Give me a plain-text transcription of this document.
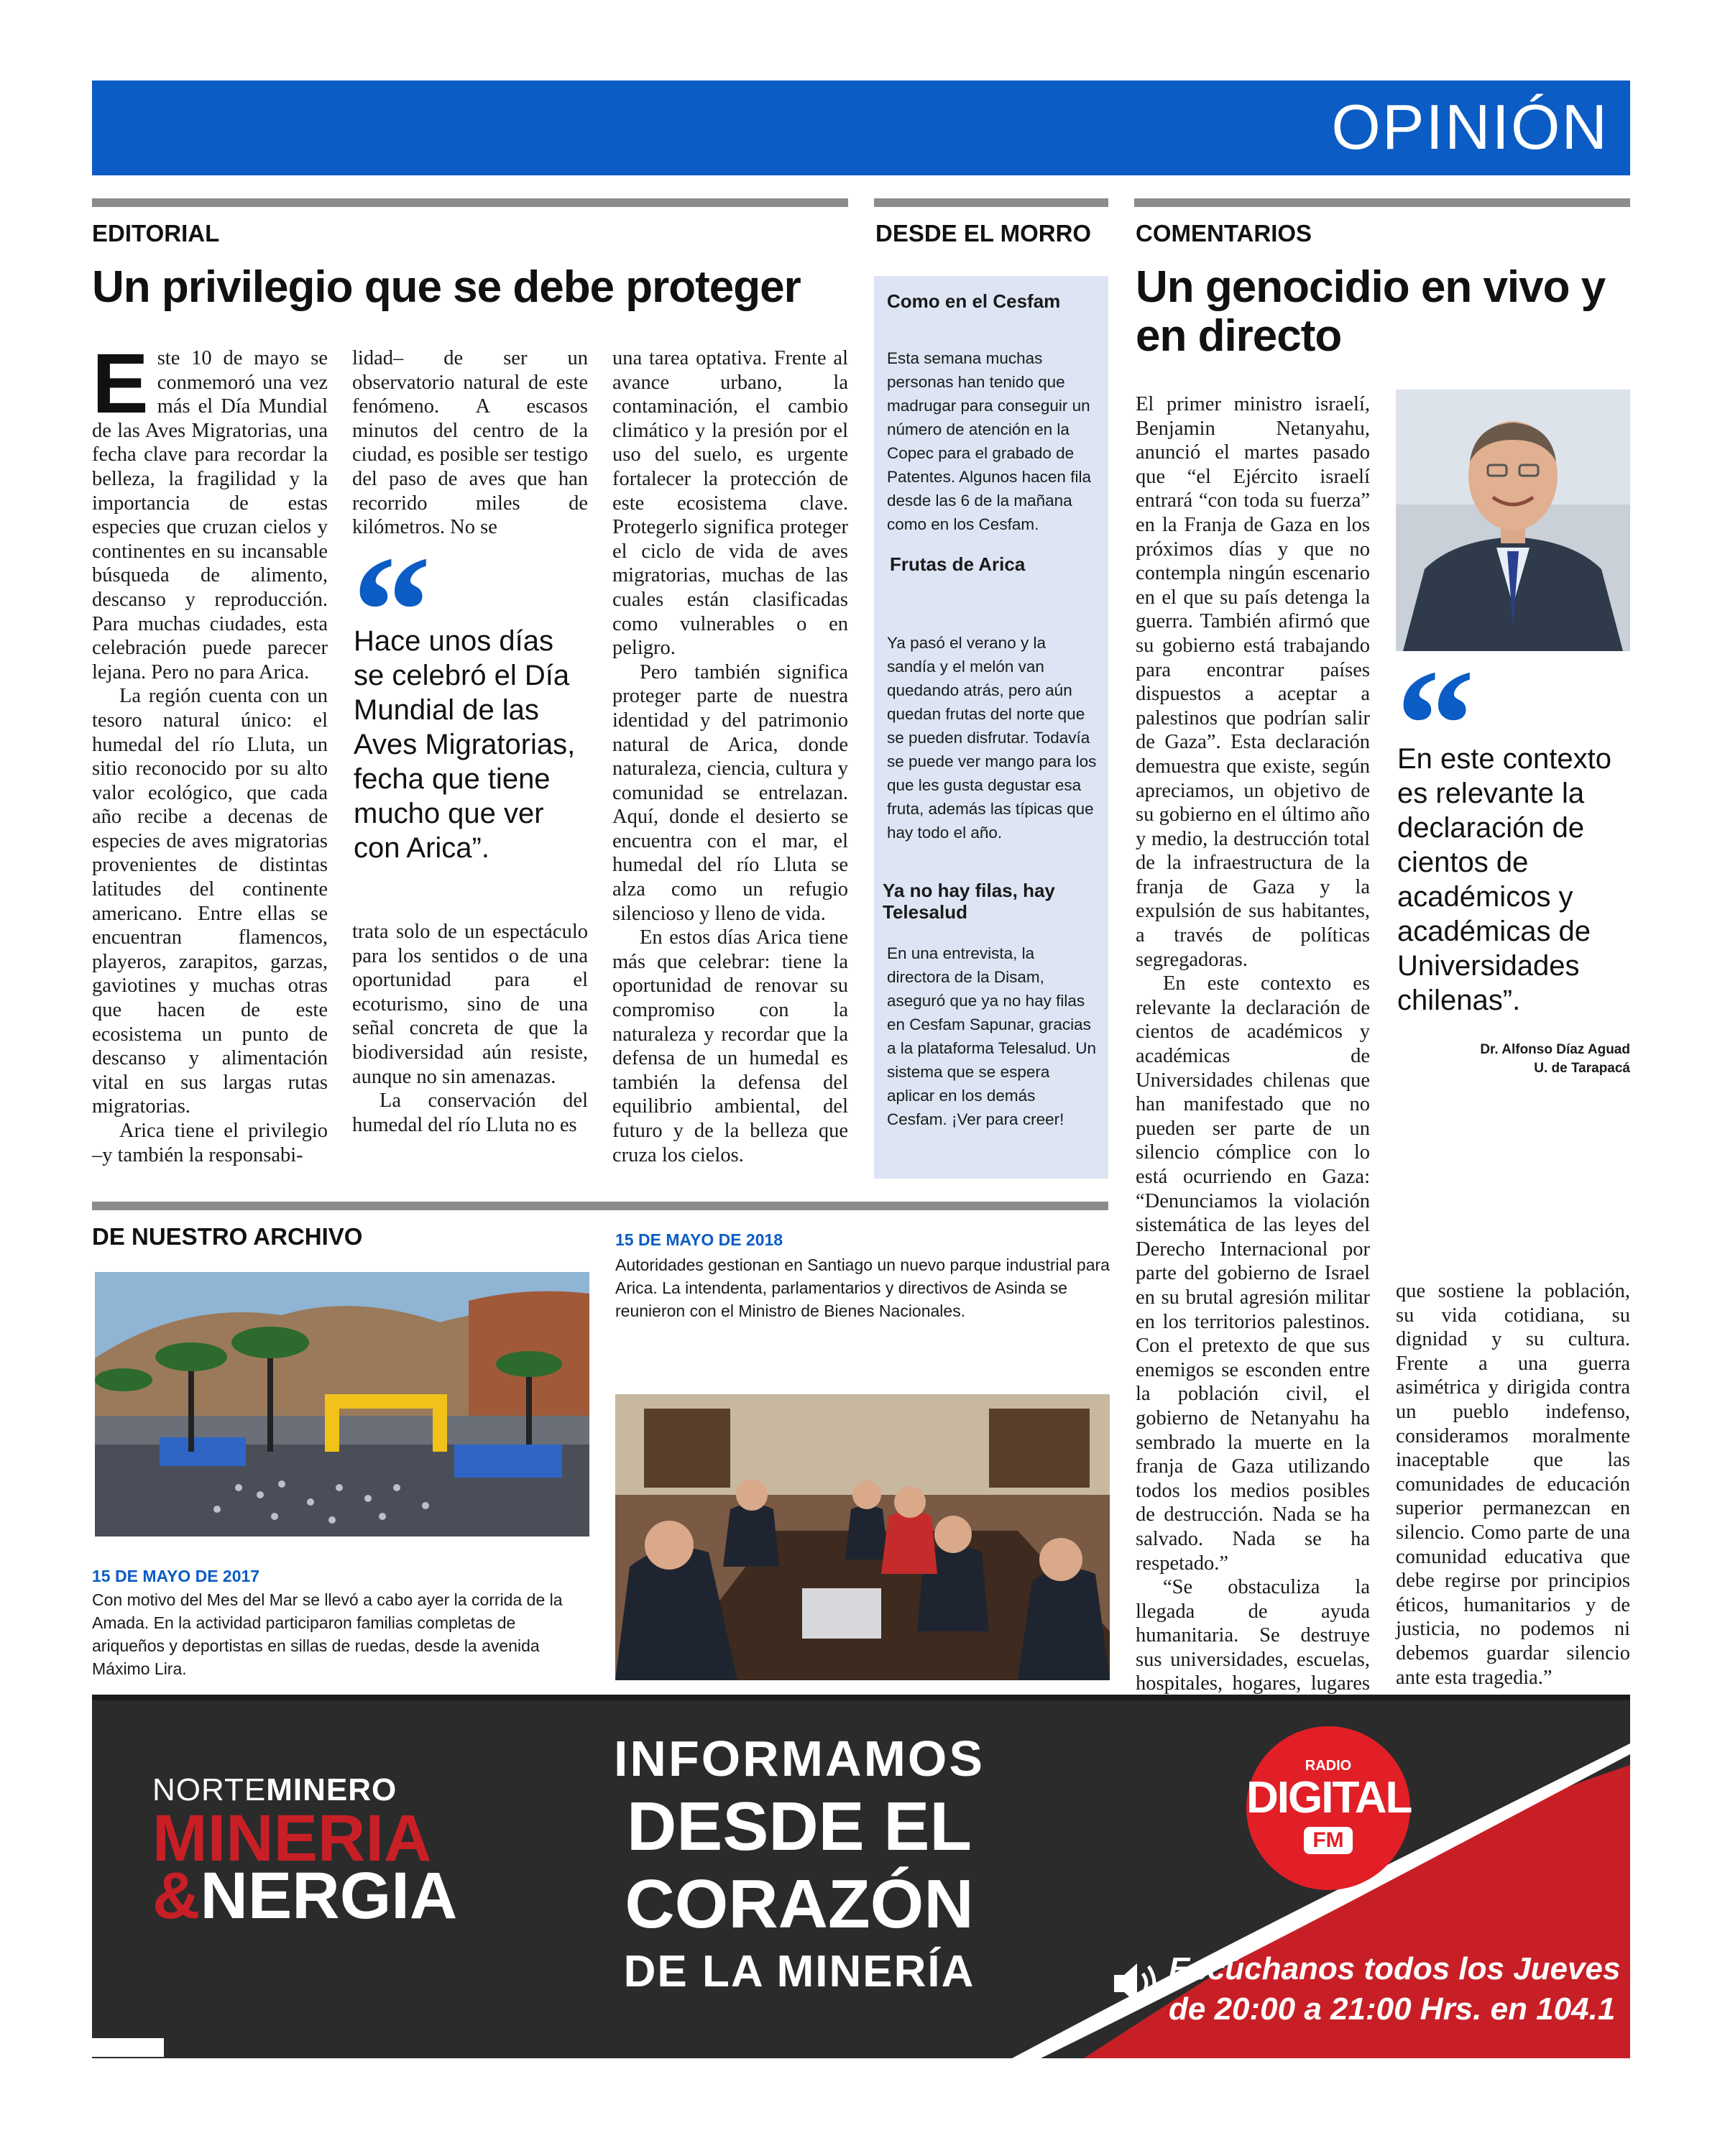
OPINIÓN
EDITORIAL
Un privilegio que se debe proteger

Este 10 de mayo se conmemoró una vez más el Día Mundial de las Aves Migratorias, una fecha clave para recordar la belleza, la fragilidad y la importancia de estas especies que cruzan cielos y continentes en su incansable búsqueda de alimento, descanso y reproducción. Para muchas ciudades, esta celebración puede parecer lejana. Pero no para Arica.

La región cuenta con un tesoro natural único: el humedal del río Lluta, un sitio reconocido por su alto valor ecológico, que cada año recibe a decenas de especies de aves migratorias provenientes de distintas latitudes del continente americano. Entre ellas se encuentran flamencos, playeros, zarapitos, garzas, gaviotines y muchas otras que hacen de este ecosistema un punto de descanso y alimentación vital en sus largas rutas migratorias.

Arica tiene el privilegio –y también la responsabi-

lidad– de ser un observatorio natural de este fenómeno. A escasos minutos del centro de la ciudad, es posible ser testigo del paso de aves que han recorrido miles de kilómetros. No se

Hace unos días se celebró el Día Mundial de las Aves Migratorias, fecha que tiene mucho que ver con Arica”.

trata solo de un espectáculo para los sentidos o de una oportunidad para el ecoturismo, sino de una señal concreta de que la biodiversidad aún resiste, aunque no sin amenazas.

La conservación del humedal del río Lluta no es

una tarea optativa. Frente al avance urbano, la contaminación, el cambio climático y la presión por el uso del suelo, es urgente fortalecer la protección de este ecosistema clave. Protegerlo significa proteger el ciclo de vida de aves migratorias, muchas de las cuales están clasificadas como vulnerables o en peligro.

Pero también significa proteger parte de nuestra identidad y del patrimonio natural de Arica, donde naturaleza, ciencia, cultura y comunidad se entrelazan. Aquí, donde el desierto se encuentra con el mar, el humedal del río Lluta se alza como un refugio silencioso y lleno de vida.

En estos días Arica tiene más que celebrar: tiene la oportunidad de renovar su compromiso con la naturaleza y recordar que la defensa de un humedal es también la defensa del equilibrio ambiental, del futuro y de la belleza que cruza los cielos.

DESDE EL MORRO
Como en el Cesfam
Esta semana muchas personas han tenido que madrugar para conseguir un número de atención en la Copec para el grabado de Patentes. Algunos hacen fila desde las 6 de la mañana como en los Cesfam.
Frutas de Arica
Ya pasó el verano y la sandía y el melón van quedando atrás, pero aún quedan frutas del norte que se pueden disfrutar. Todavía se puede ver mango para los que les gusta degustar esa fruta, además las típicas que hay todo el año.
Ya no hay filas, hay Telesalud
En una entrevista, la directora de la Disam, aseguró que ya no hay filas en Cesfam Sapunar, gracias a la plataforma Telesalud. Un sistema que se espera aplicar en los demás Cesfam. ¡Ver para creer!
COMENTARIOS
Un genocidio en vivo y en directo

El primer ministro israelí, Benjamin Netanyahu, anunció el martes pasado que “el Ejército israelí entrará “con toda su fuerza” en la Franja de Gaza en los próximos días y que no contempla ningún escenario en el que su país detenga la guerra. También afirmó que su gobierno está trabajando para encontrar países dispuestos a aceptar a palestinos que podrían salir de Gaza”. Esta declaración demuestra que existe, según apreciamos, un objetivo de su gobierno en el último año y medio, la destrucción total de la infraestructura de la franja de Gaza y la expulsión de sus habitantes, a través de políticas segregadoras.

En este contexto es relevante la declaración de cientos de académicos y académicas de Universidades chilenas que han manifestado que no pueden ser parte de un silencio cómplice con lo está ocurriendo en Gaza: “Denunciamos la violación sistemática de las leyes del Derecho Internacional por parte del gobierno de Israel en su brutal agresión militar en los territorios palestinos. Con el pretexto de que sus enemigos se esconden entre la población civil, el gobierno de Netanyahu ha sembrado la muerte en la franja de Gaza utilizando todos los medios posibles de destrucción. Nada se ha salvado. Nada se ha respetado.”

“Se obstaculiza la llegada de ayuda humanitaria. Se destruye sus universidades, escuelas, hospitales, hogares, lugares

En este contexto es relevante la declaración de cientos de académicos y académicas de Universidades chilenas”.
Dr. Alfonso Díaz Aguad
U. de Tarapacá

que sostiene la población, su vida cotidiana, su dignidad y su cultura. Frente a una guerra asimétrica y dirigida contra un pueblo indefenso, consideramos moralmente inaceptable que las comunidades de educación superior permanezcan en silencio. Como parte de una comunidad educativa que debe regirse por principios éticos, humanitarios y de justicia, no podemos ni debemos guardar silencio ante esta tragedia.”

DE NUESTRO ARCHIVO
15 DE MAYO DE 2017
Con motivo del Mes del Mar se llevó a cabo ayer la corrida de la Amada. En la actividad participaron familias completas de ariqueños y deportistas en sillas de ruedas, desde la avenida Máximo Lira.
15 DE MAYO DE 2018
Autoridades gestionan en Santiago un nuevo parque industrial para Arica. La intendenta, parlamentarios y directivos de Asinda se reunieron con el Ministro de Bienes Nacionales.
NORTEMINERO
MINERIA
&NERGIA
INFORMAMOS
DESDE EL
CORAZÓN
DE LA MINERÍA
RADIO
DIGITAL
FM
Escúchanos todos los Jueves
de 20:00 a 21:00 Hrs. en 104.1
